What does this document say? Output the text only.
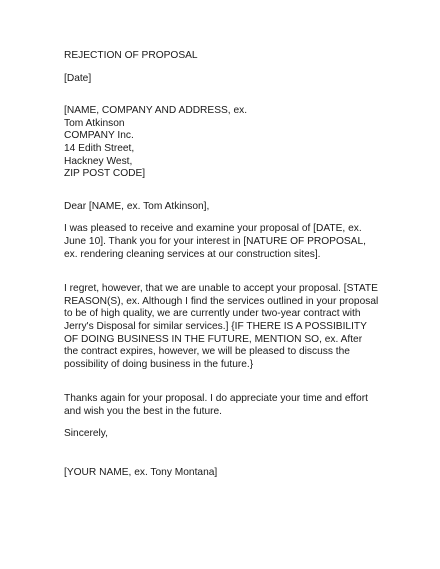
REJECTION OF PROPOSAL
[Date]
[NAME, COMPANY AND ADDRESS, ex.
Tom Atkinson
COMPANY Inc.
14 Edith Street,
Hackney West,
ZIP POST CODE]
Dear [NAME, ex. Tom Atkinson],
I was pleased to receive and examine your proposal of [DATE, ex.
June 10]. Thank you for your interest in [NATURE OF PROPOSAL,
ex. rendering cleaning services at our construction sites].
I regret, however, that we are unable to accept your proposal. [STATE
REASON(S), ex. Although I find the services outlined in your proposal
to be of high quality, we are currently under two-year contract with
Jerry's Disposal for similar services.] {IF THERE IS A POSSIBILITY
OF DOING BUSINESS IN THE FUTURE, MENTION SO, ex. After
the contract expires, however, we will be pleased to discuss the
possibility of doing business in the future.}
Thanks again for your proposal. I do appreciate your time and effort
and wish you the best in the future.
Sincerely,
[YOUR NAME, ex. Tony Montana]
